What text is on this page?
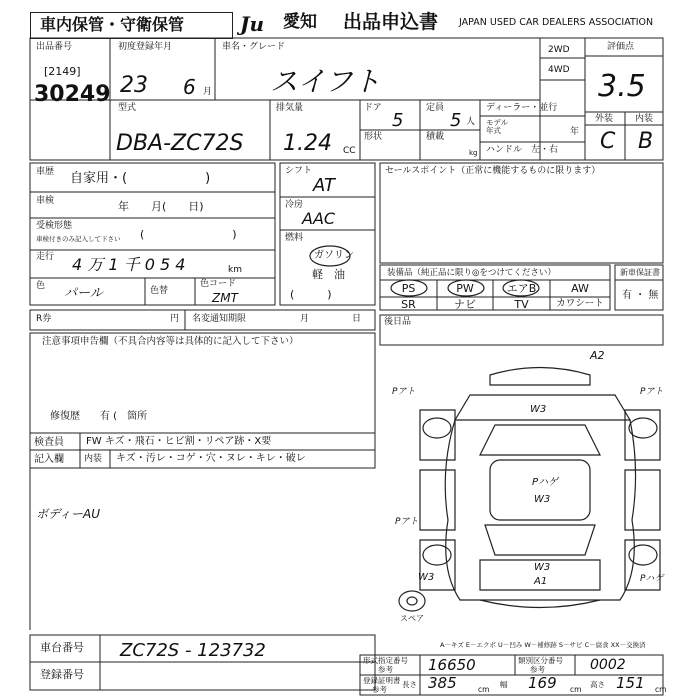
車内保管・守衛保管	Ju	愛知 出品申込書 JAPAN USED CAR DEALERS ASSOCIATION
出品番号
[2149]
30249
初度登録年月
23 6 月
車名・グレード
スイフト
2WD
4WD
評価点
3.5
型式
DBA-ZC72S
排気量
1.24 CC
ドア
5
形状
定員
5 人
積載
kg
ディーラー・並行
モデル
年式	年
ハンドル　左・右
外装 内装
C B
車歴 自家用・(　　　　　　)
車検	年　　月(　　日)
受検形態
車検付きのみ記入して下さい (　　　　　　　　)
走行 4 万 1 千 0 5 4	km
色 パール	色替
色コード
ZMT
シフト
AT
冷房
AAC
燃料
ガソリン
軽　油
(　　　)
セールスポイント（正常に機能するものに限ります）
装備品（純正品に限り◎をつけてください）
PS	PW	エアB	AW
SR	ナビ	TV	カワシート
新車保証書
有 ・ 無
R券	円 名変通知期限	月	日	後日品
注意事項申告欄（不具合内容等は具体的に記入して下さい）
修復歴　　有 (　箇所
ボディーAU
検査員
記入欄
FW キズ・飛石・ヒビ割・リペア跡・X要
内装 キズ・汚レ・コゲ・穴・ヌレ・キレ・破レ
A2
Pアト
W3
Pアト
Pハゲ
W3
Pアト
W3
W3
A1	Pハゲ
スペア
A－キズ E－エクボ U－凹み W－補修跡 S－サビ C－腐食 XX－交換済
車台番号 ZC72S - 123732
登録番号
形式指定番号
参考 16650	類別区分番号
参考	0002
登録証明書
参考
長さ 385	cm
幅 169 cm
高さ 151 cm
